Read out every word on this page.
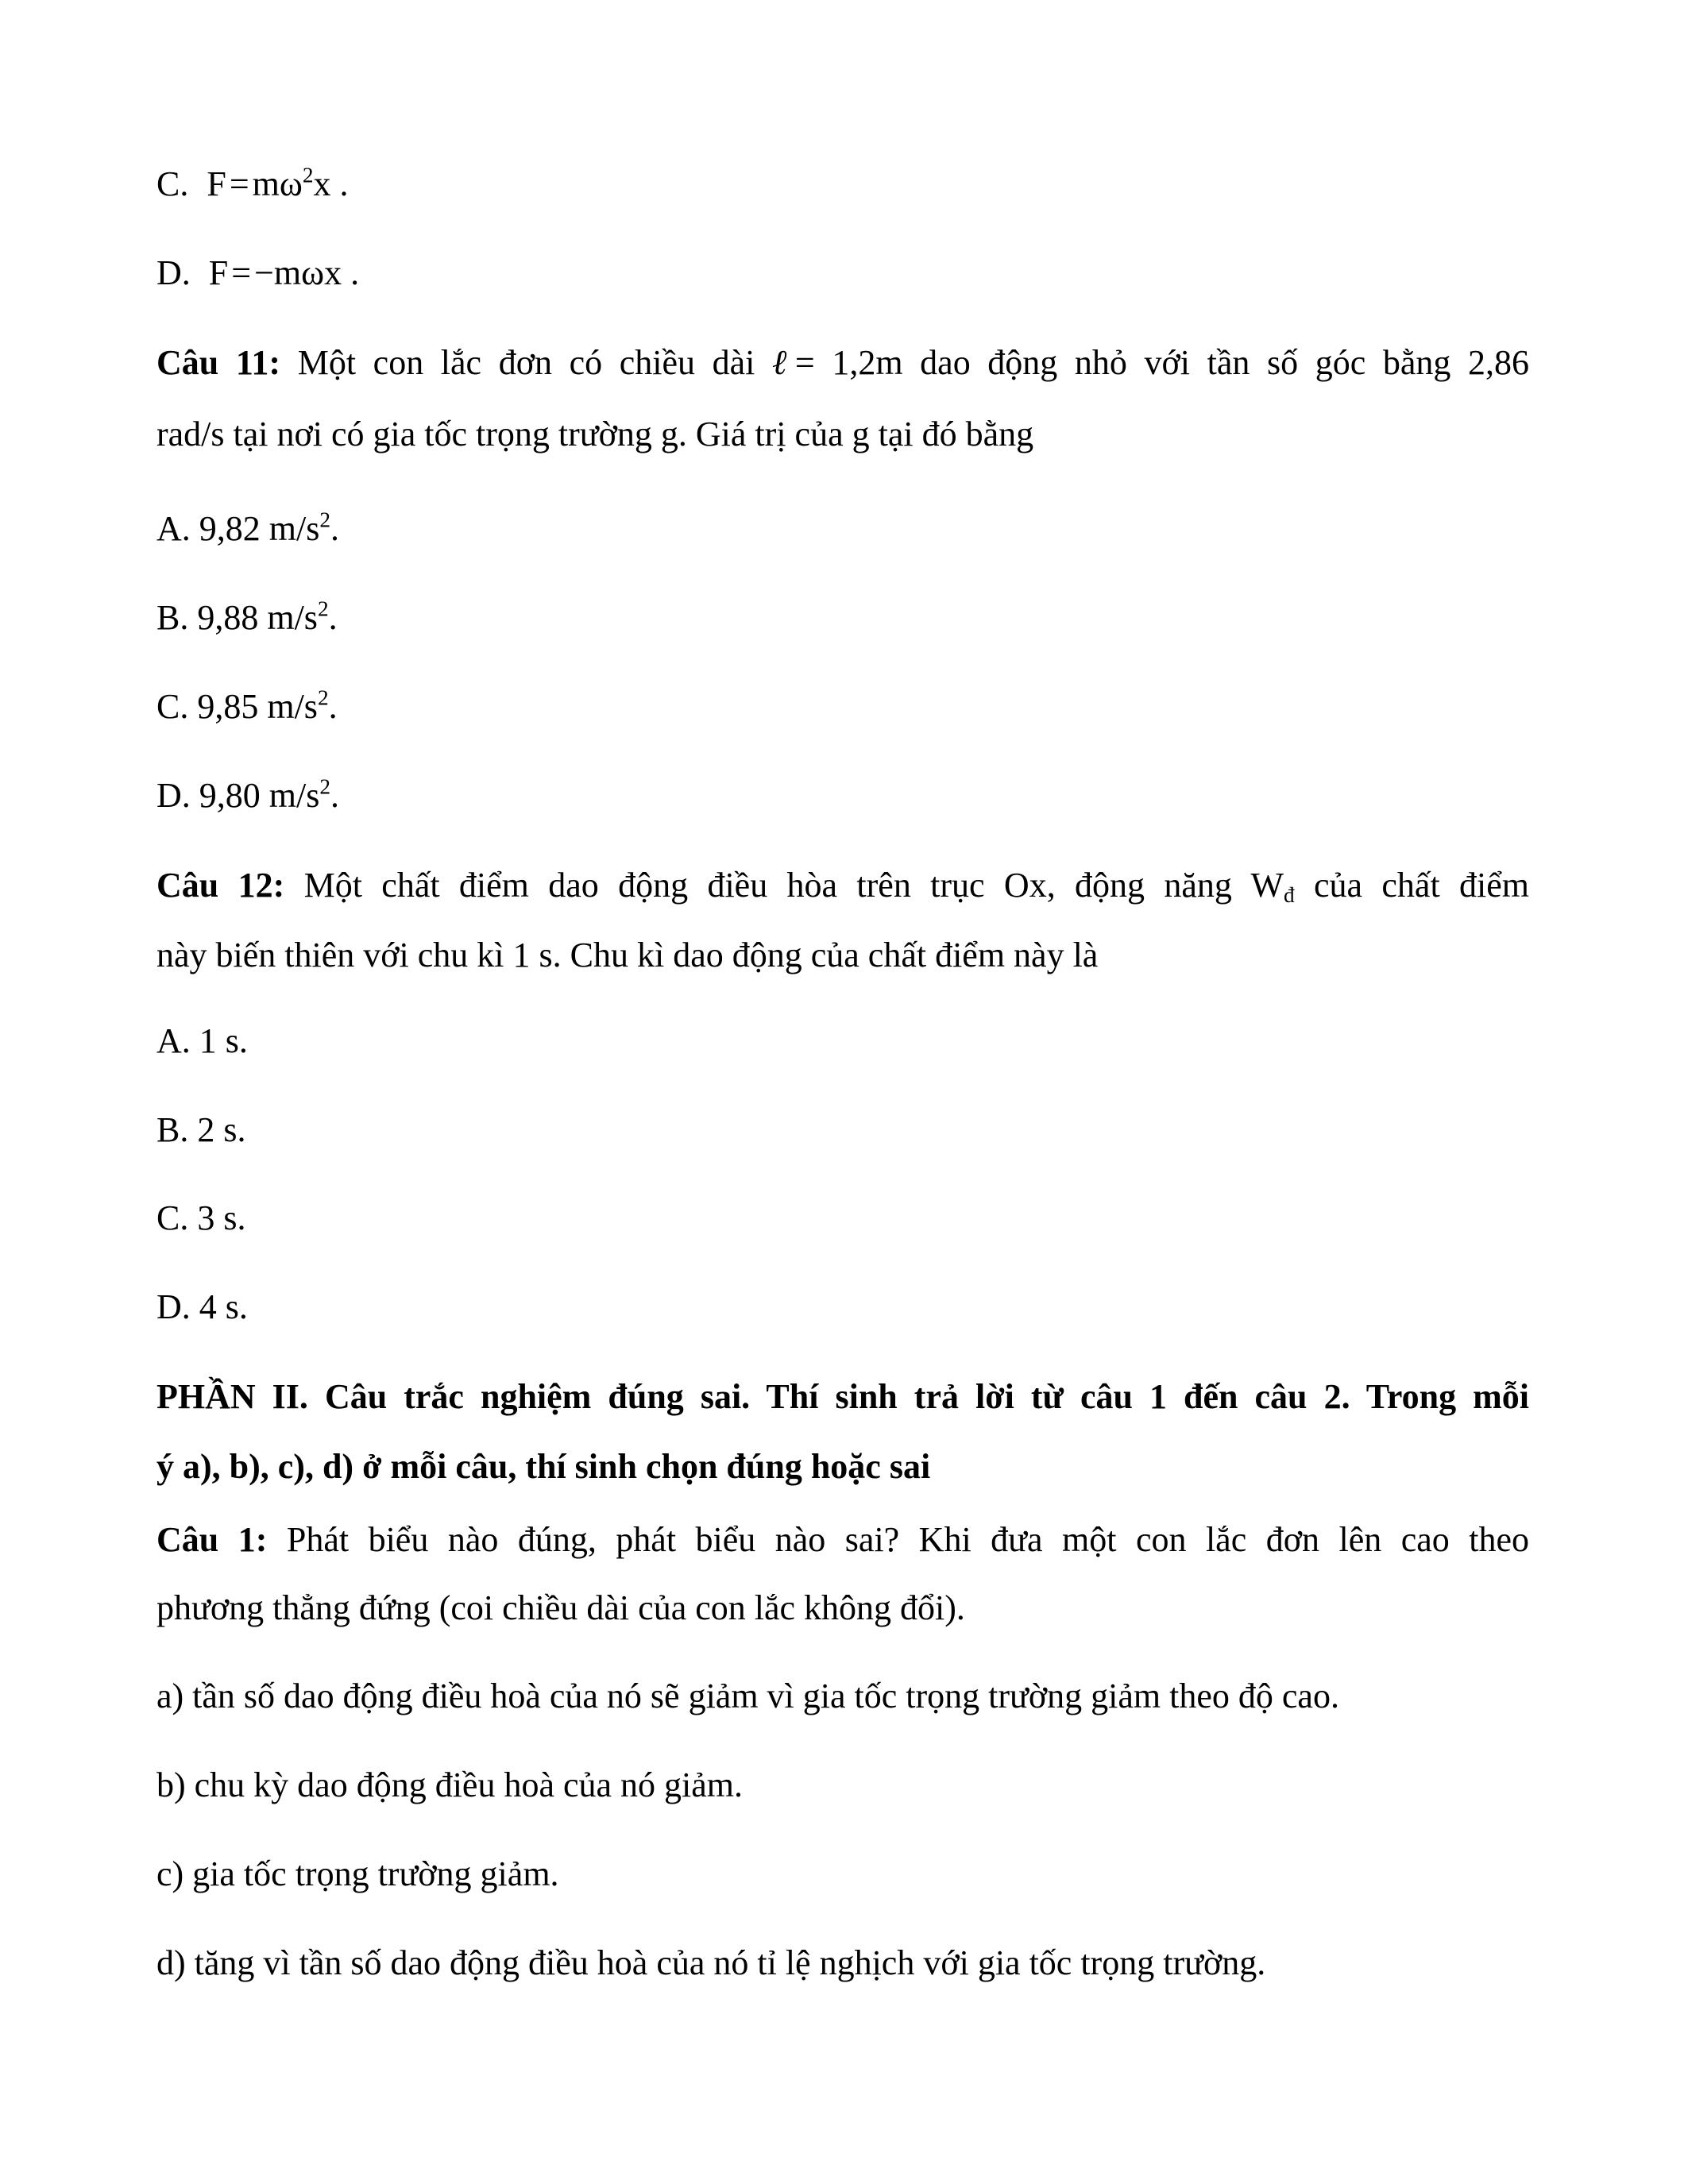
C. $F=m\omega^2x$ .
D. F=−mωx .
Câu 11: Một con lắc đơn có chiều dài ℓ= 1,2m dao động nhỏ với tần số góc bằng 2,86
rad/s tại nơi có gia tốc trọng trường g. Giá trị của g tại đó bằng
A. 9,82 $m/s^2$.
B. 9,88 $m/s^2$.
C. 9,85 $m/s^2$.
D. 9,80 $m/s^2$.
Câu 12: Một chất điểm dao động điều hòa trên trục Ox, động năng $W_đ$ của chất điểm
này biến thiên với chu kì 1 s. Chu kì dao động của chất điểm này là
A. 1 s.
B. 2 s.
C. 3 s.
D. 4 s.
PHẦN II. Câu trắc nghiệm đúng sai. Thí sinh trả lời từ câu 1 đến câu 2. Trong mỗi
ý a), b), c), d) ở mỗi câu, thí sinh chọn đúng hoặc sai
Câu 1: Phát biểu nào đúng, phát biểu nào sai? Khi đưa một con lắc đơn lên cao theo
phương thẳng đứng (coi chiều dài của con lắc không đổi).
a) tần số dao động điều hoà của nó sẽ giảm vì gia tốc trọng trường giảm theo độ cao.
b) chu kỳ dao động điều hoà của nó giảm.
c) gia tốc trọng trường giảm.
d) tăng vì tần số dao động điều hoà của nó tỉ lệ nghịch với gia tốc trọng trường.
